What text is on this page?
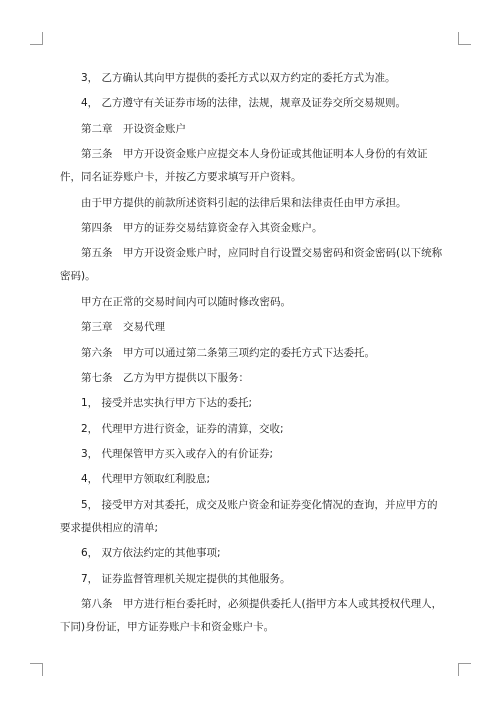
3， 乙方确认其向甲方提供的委托方式以双方约定的委托方式为准。

4， 乙方遵守有关证券市场的法律，法规，规章及证券交所交易规则。

第二章　开设资金账户

第三条　甲方开设资金账户应提交本人身份证或其他证明本人身份的有效证件，同名证券账户卡，并按乙方要求填写开户资料。

由于甲方提供的前款所述资料引起的法律后果和法律责任由甲方承担。

第四条　甲方的证券交易结算资金存入其资金账户。

第五条　甲方开设资金账户时，应同时自行设置交易密码和资金密码(以下统称密码)。

甲方在正常的交易时间内可以随时修改密码。

第三章　交易代理

第六条　甲方可以通过第二条第三项约定的委托方式下达委托。

第七条　乙方为甲方提供以下服务：

1， 接受并忠实执行甲方下达的委托;

2， 代理甲方进行资金，证券的清算，交收;

3， 代理保管甲方买入或存入的有价证券;

4， 代理甲方领取红利股息;

5， 接受甲方对其委托，成交及账户资金和证券变化情况的查询，并应甲方的要求提供相应的清单;

6， 双方依法约定的其他事项;

7， 证券监督管理机关规定提供的其他服务。

第八条　甲方进行柜台委托时，必须提供委托人(指甲方本人或其授权代理人，下同)身份证，甲方证券账户卡和资金账户卡。
